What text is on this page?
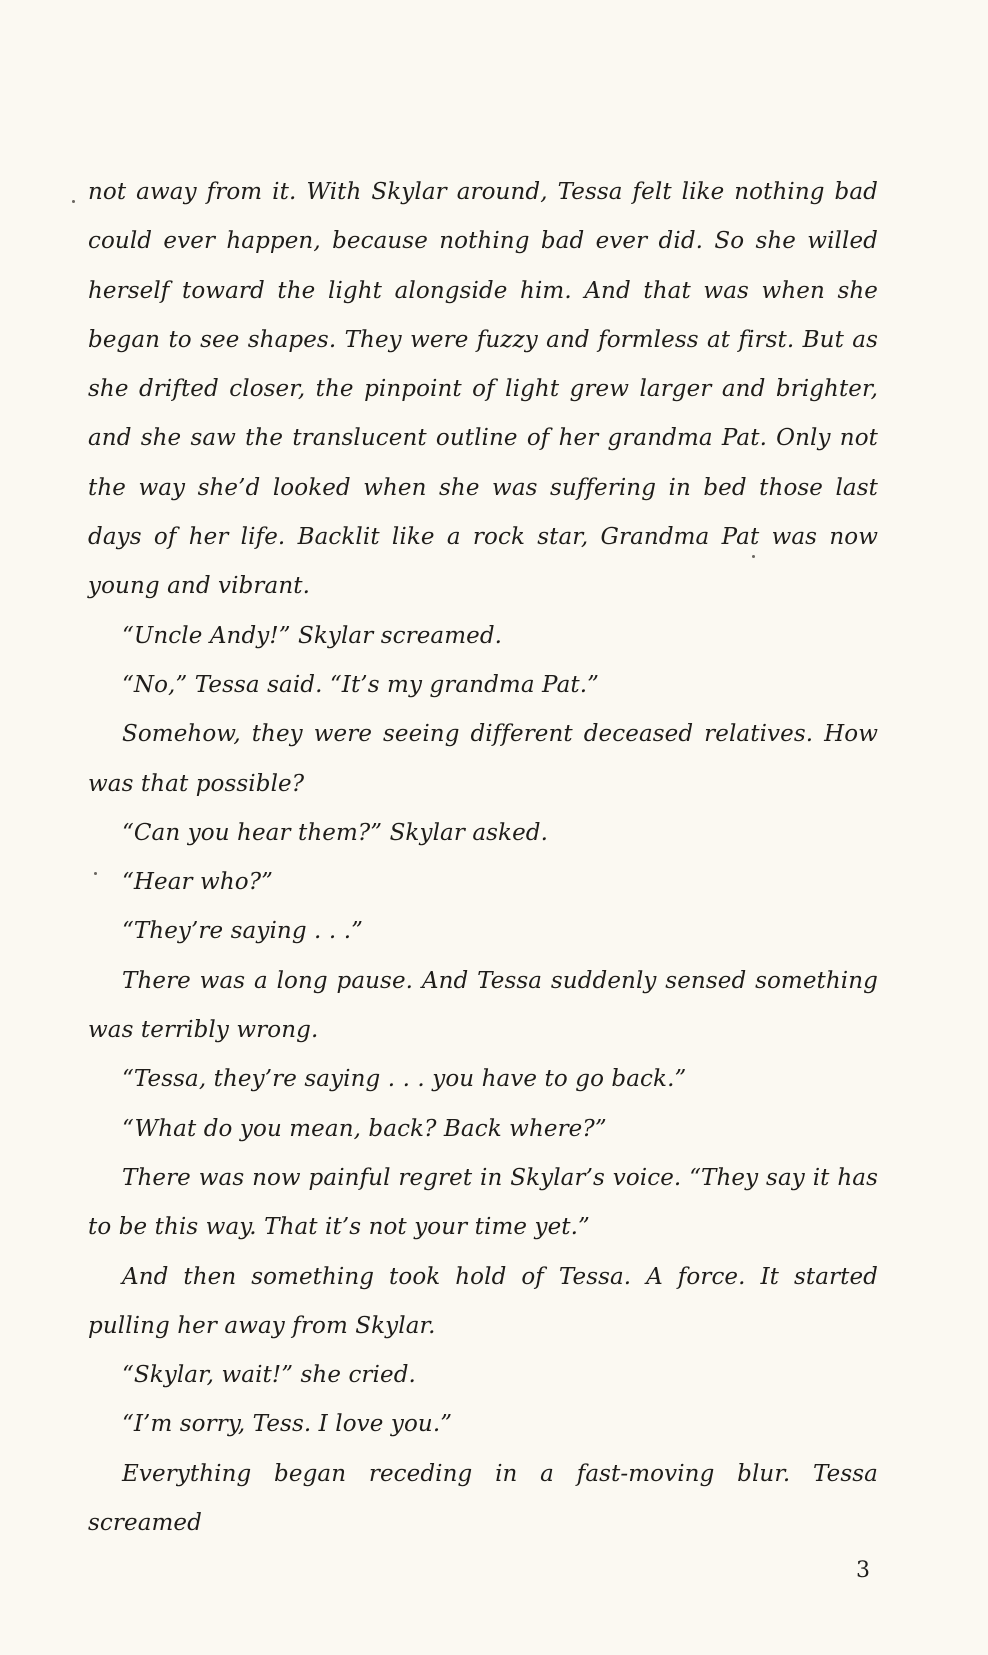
not away from it. With Skylar around, Tessa felt like nothing bad could ever happen, because nothing bad ever did. So she willed herself toward the light alongside him. And that was when she began to see shapes. They were fuzzy and formless at first. But as she drifted closer, the pinpoint of light grew larger and brighter, and she saw the translucent outline of her grandma Pat. Only not the way she’d looked when she was suffering in bed those last days of her life. Backlit like a rock star, Grandma Pat was now young and vibrant.

“Uncle Andy!” Skylar screamed.

“No,” Tessa said. “It’s my grandma Pat.”

Somehow, they were seeing different deceased relatives. How was that possible?

“Can you hear them?” Skylar asked.

“Hear who?”

“They’re saying . . .”

There was a long pause. And Tessa suddenly sensed something was terribly wrong.

“Tessa, they’re saying . . . you have to go back.”

“What do you mean, back? Back where?”

There was now painful regret in Skylar’s voice. “They say it has to be this way. That it’s not your time yet.”

And then something took hold of Tessa. A force. It started pulling her away from Skylar.

“Skylar, wait!” she cried.

“I’m sorry, Tess. I love you.”

Everything began receding in a fast-moving blur. Tessa screamed

3
